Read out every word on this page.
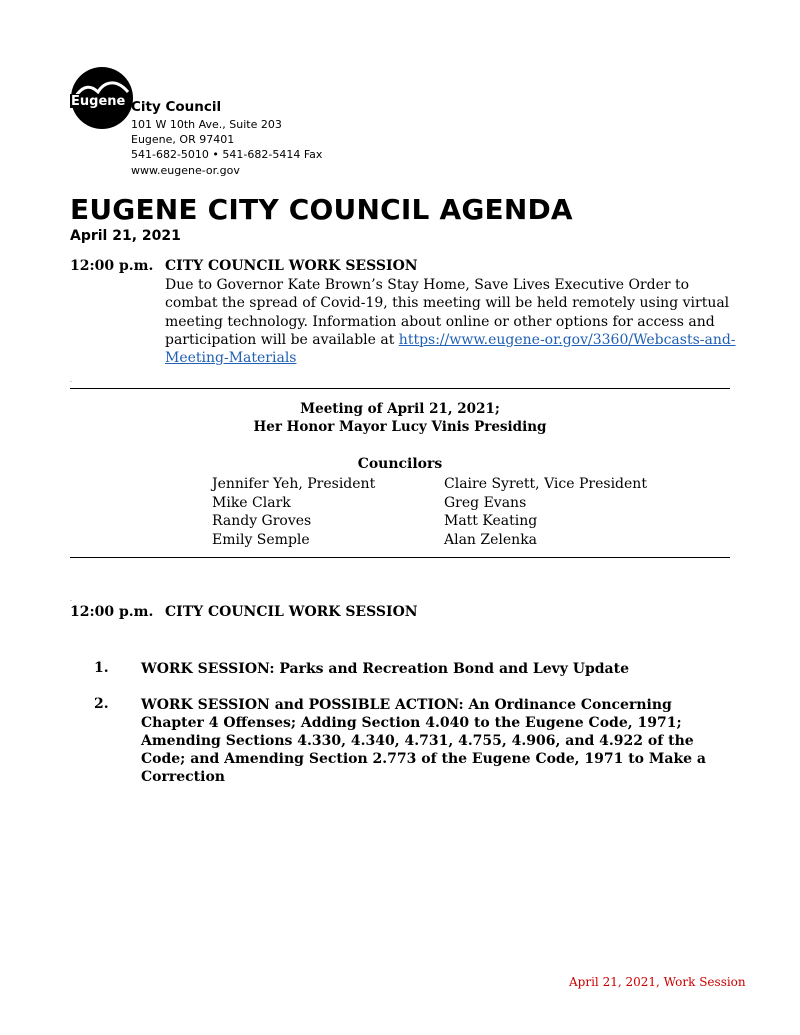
Eugene City Council
101 W 10th Ave., Suite 203
Eugene, OR 97401
541-682-5010 • 541-682-5414 Fax
www.eugene-or.gov
EUGENE CITY COUNCIL AGENDA
April 21, 2021
12:00 p.m. CITY COUNCIL WORK SESSION
Due to Governor Kate Brown’s Stay Home, Save Lives Executive Order to combat the spread of Covid-19, this meeting will be held remotely using virtual meeting technology. Information about online or other options for access and participation will be available at https://www.eugene-or.gov/3360/Webcasts-and-Meeting-Materials
.
Meeting of April 21, 2021;
Her Honor Mayor Lucy Vinis Presiding
Councilors
Jennifer Yeh, President
Mike Clark
Randy Groves
Emily Semple
Claire Syrett, Vice President
Greg Evans
Matt Keating
Alan Zelenka
.
12:00 p.m. CITY COUNCIL WORK SESSION
1. WORK SESSION: Parks and Recreation Bond and Levy Update
2. WORK SESSION and POSSIBLE ACTION: An Ordinance Concerning Chapter 4 Offenses; Adding Section 4.040 to the Eugene Code, 1971; Amending Sections 4.330, 4.340, 4.731, 4.755, 4.906, and 4.922 of the Code; and Amending Section 2.773 of the Eugene Code, 1971 to Make a Correction
April 21, 2021, Work Session
